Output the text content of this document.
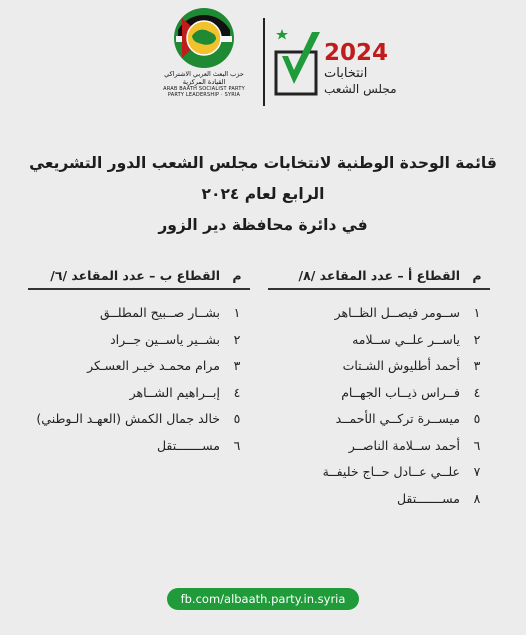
حزب البعث العربي الاشتراكي
القيادة المركزية
ARAB BAATH SOCIALIST PARTY
PARTY LEADERSHIP · SYRIA
2024
انتخابات
مجلس الشعب
قائمة الوحدة الوطنية لانتخابات مجلس الشعب الدور التشريعي الرابع لعام ٢٠٢٤
في دائرة محافظة دير الزور
م
القطاع أ – عدد المقاعد /٨/
١
ســومر فيصــل الظــاهر
٢
ياســر علــي ســلامه
٣
أحمد أطليوش الشـتات
٤
فــراس ذيــاب الجهــام
٥
ميســرة تركــي الأحمــد
٦
أحمد ســلامة الناصــر
٧
علــي عــادل حــاج خليفــة
٨
مســـــــتقل
م
القطاع ب – عدد المقاعد /٦/
١
بشــار صــبيح المطلــق
٢
بشــير ياســين جــراد
٣
مرام محمـد خيـر العسـكر
٤
إبــراهيم الشــاهر
٥
خالد جمال الكمش (العهـد الـوطني)
٦
مســـــــتقل
fb.com/albaath.party.in.syria
